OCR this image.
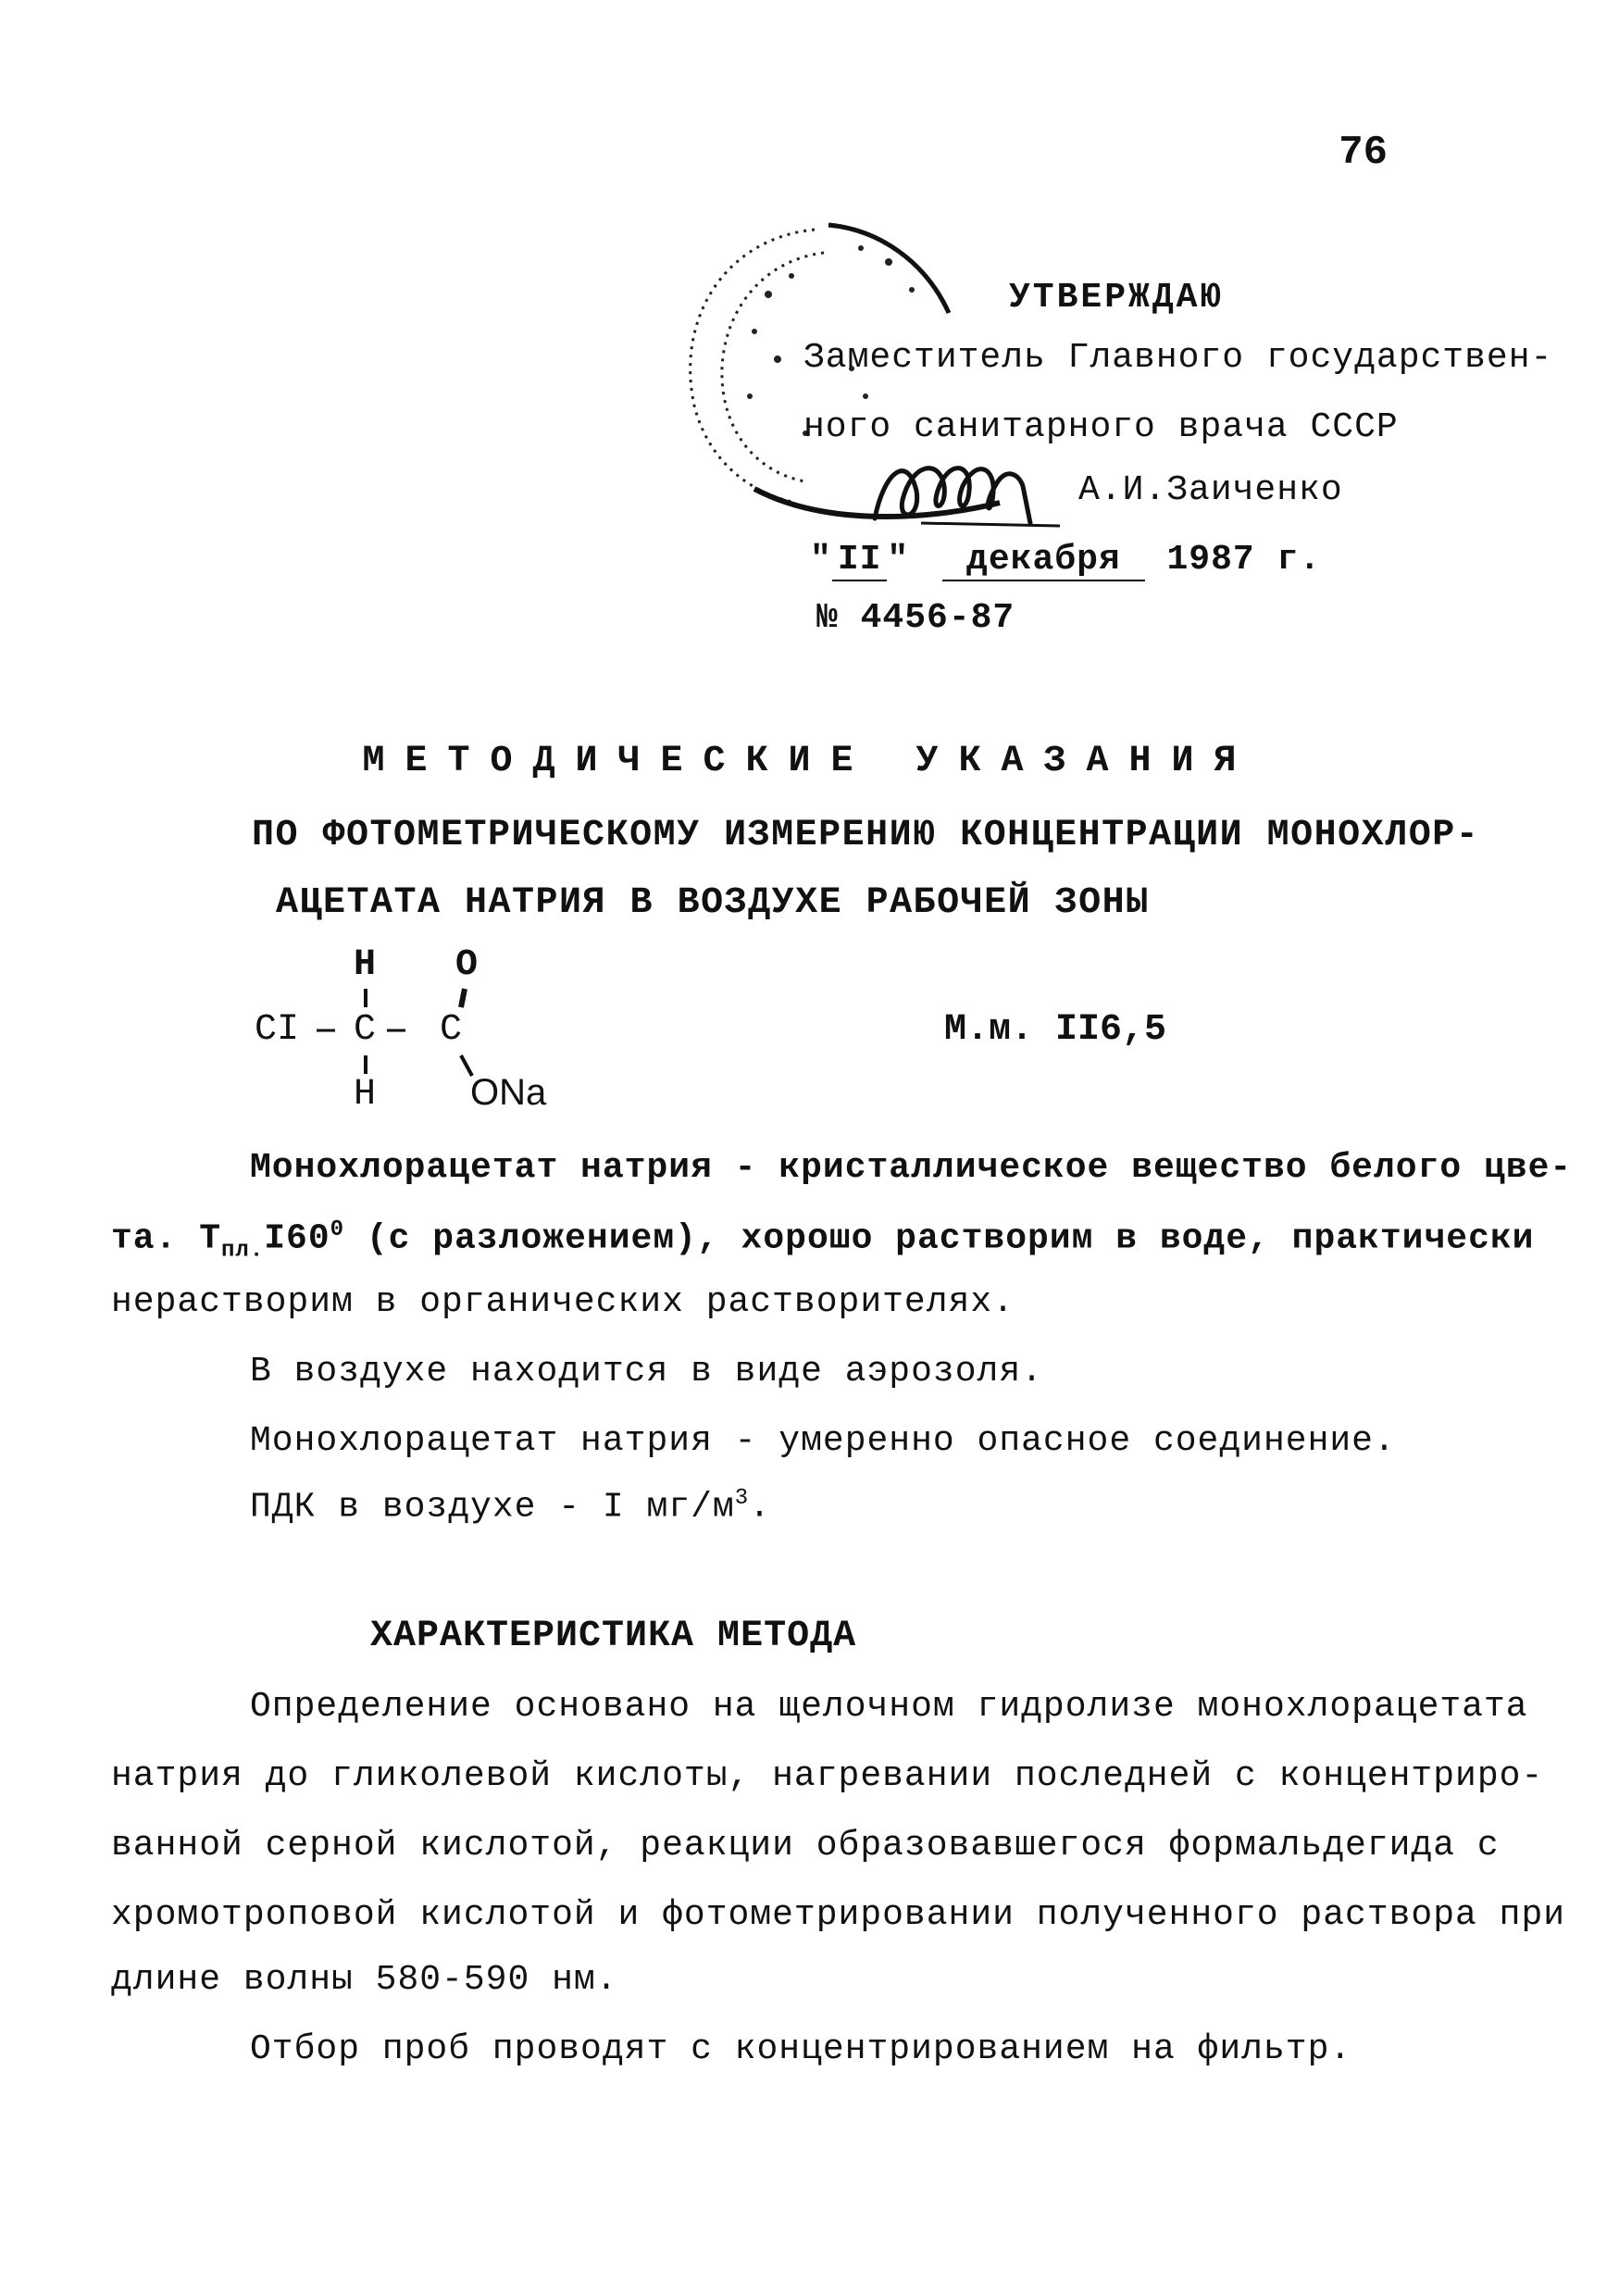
76
УТВЕРЖДАЮ
Заместитель Главного государствен-
ного санитарного врача СССР
А.И.Заиченко
" II " декабря 1987 г.
№ 4456-87
МЕТОДИЧЕСКИЕ УКАЗАНИЯ
ПО ФОТОМЕТРИЧЕСКОМУ ИЗМЕРЕНИЮ КОНЦЕНТРАЦИИ МОНОХЛОР-
АЦЕТАТА НАТРИЯ В ВОЗДУХЕ РАБОЧЕЙ ЗОНЫ
H O
CI C C
H	ONa
М.м. II6,5
Монохлорацетат натрия - кристаллическое вещество белого цве-
та. $Т_{пл.}I60^0$ (с разложением), хорошо растворим в воде, практически
нерастворим в органических растворителях.
В воздухе находится в виде аэрозоля.
Монохлорацетат натрия - умеренно опасное соединение.
ПДК в воздухе - I $мг/м^3$.
ХАРАКТЕРИСТИКА МЕТОДА
Определение основано на щелочном гидролизе монохлорацетата
натрия до гликолевой кислоты, нагревании последней с концентриро-
ванной серной кислотой, реакции образовавшегося формальдегида с
хромотроповой кислотой и фотометрировании полученного раствора при
длине волны 580-590 нм.
Отбор проб проводят с концентрированием на фильтр.
